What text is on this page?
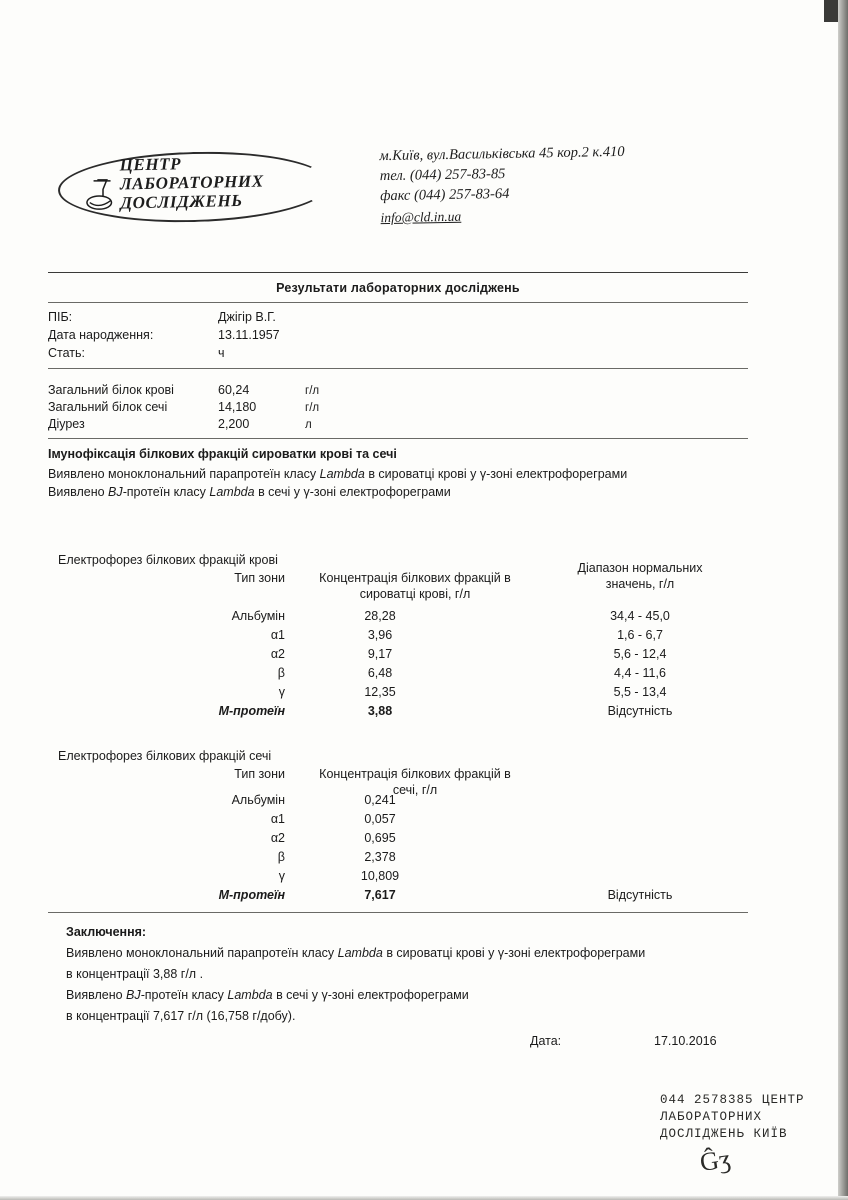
ЦЕНТР
ЛАБОРАТОРНИХ
ДОСЛІДЖЕНЬ
м.Київ, вул.Васильківська 45 кор.2 к.410
тел. (044) 257-83-85
факс (044) 257-83-64
info@cld.in.ua
Результати лабораторних досліджень
ПІБ:	Джігір В.Г.
Дата народження:	13.11.1957
Стать:	ч
Загальний білок крові	60,24	г/л
Загальний білок сечі	14,180	г/л
Діурез	2,200	л
Імунофіксація білкових фракцій сироватки крові та сечі
Виявлено моноклональний парапротеїн класу Lambda в сироватці крові у γ-зоні електрофореграми
Виявлено BJ-протеїн класу Lambda в сечі у γ-зоні електрофореграми
Електрофорез білкових фракцій крові
Тип зони	Концентрація білкових фракцій в
сироватці крові, г/л
Діапазон нормальних
значень, г/л
Альбумін	28,28	34,4 - 45,0
α1	3,96	1,6 - 6,7
α2	9,17	5,6 - 12,4
β	6,48	4,4 - 11,6
γ	12,35	5,5 - 13,4
М-протеїн	3,88	Відсутність
Електрофорез білкових фракцій сечі
Тип зони	Концентрація білкових фракцій в
сечі, г/л
Альбумін	0,241
α1	0,057
α2	0,695
β	2,378
γ	10,809
М-протеїн	7,617	Відсутність
Заключення:
Виявлено моноклональний парапротеїн класу Lambda в сироватці крові у γ-зоні електрофореграми
в концентрації 3,88 г/л .
Виявлено BJ-протеїн класу Lambda в сечі у γ-зоні електрофореграми
в концентрації 7,617 г/л (16,758 г/добу).
Дата:	17.10.2016
044 2578385 ЦЕНТР
ЛАБОРАТОРНИХ
ДОСЛІДЖЕНЬ КИЇВ
Ĝʒ
